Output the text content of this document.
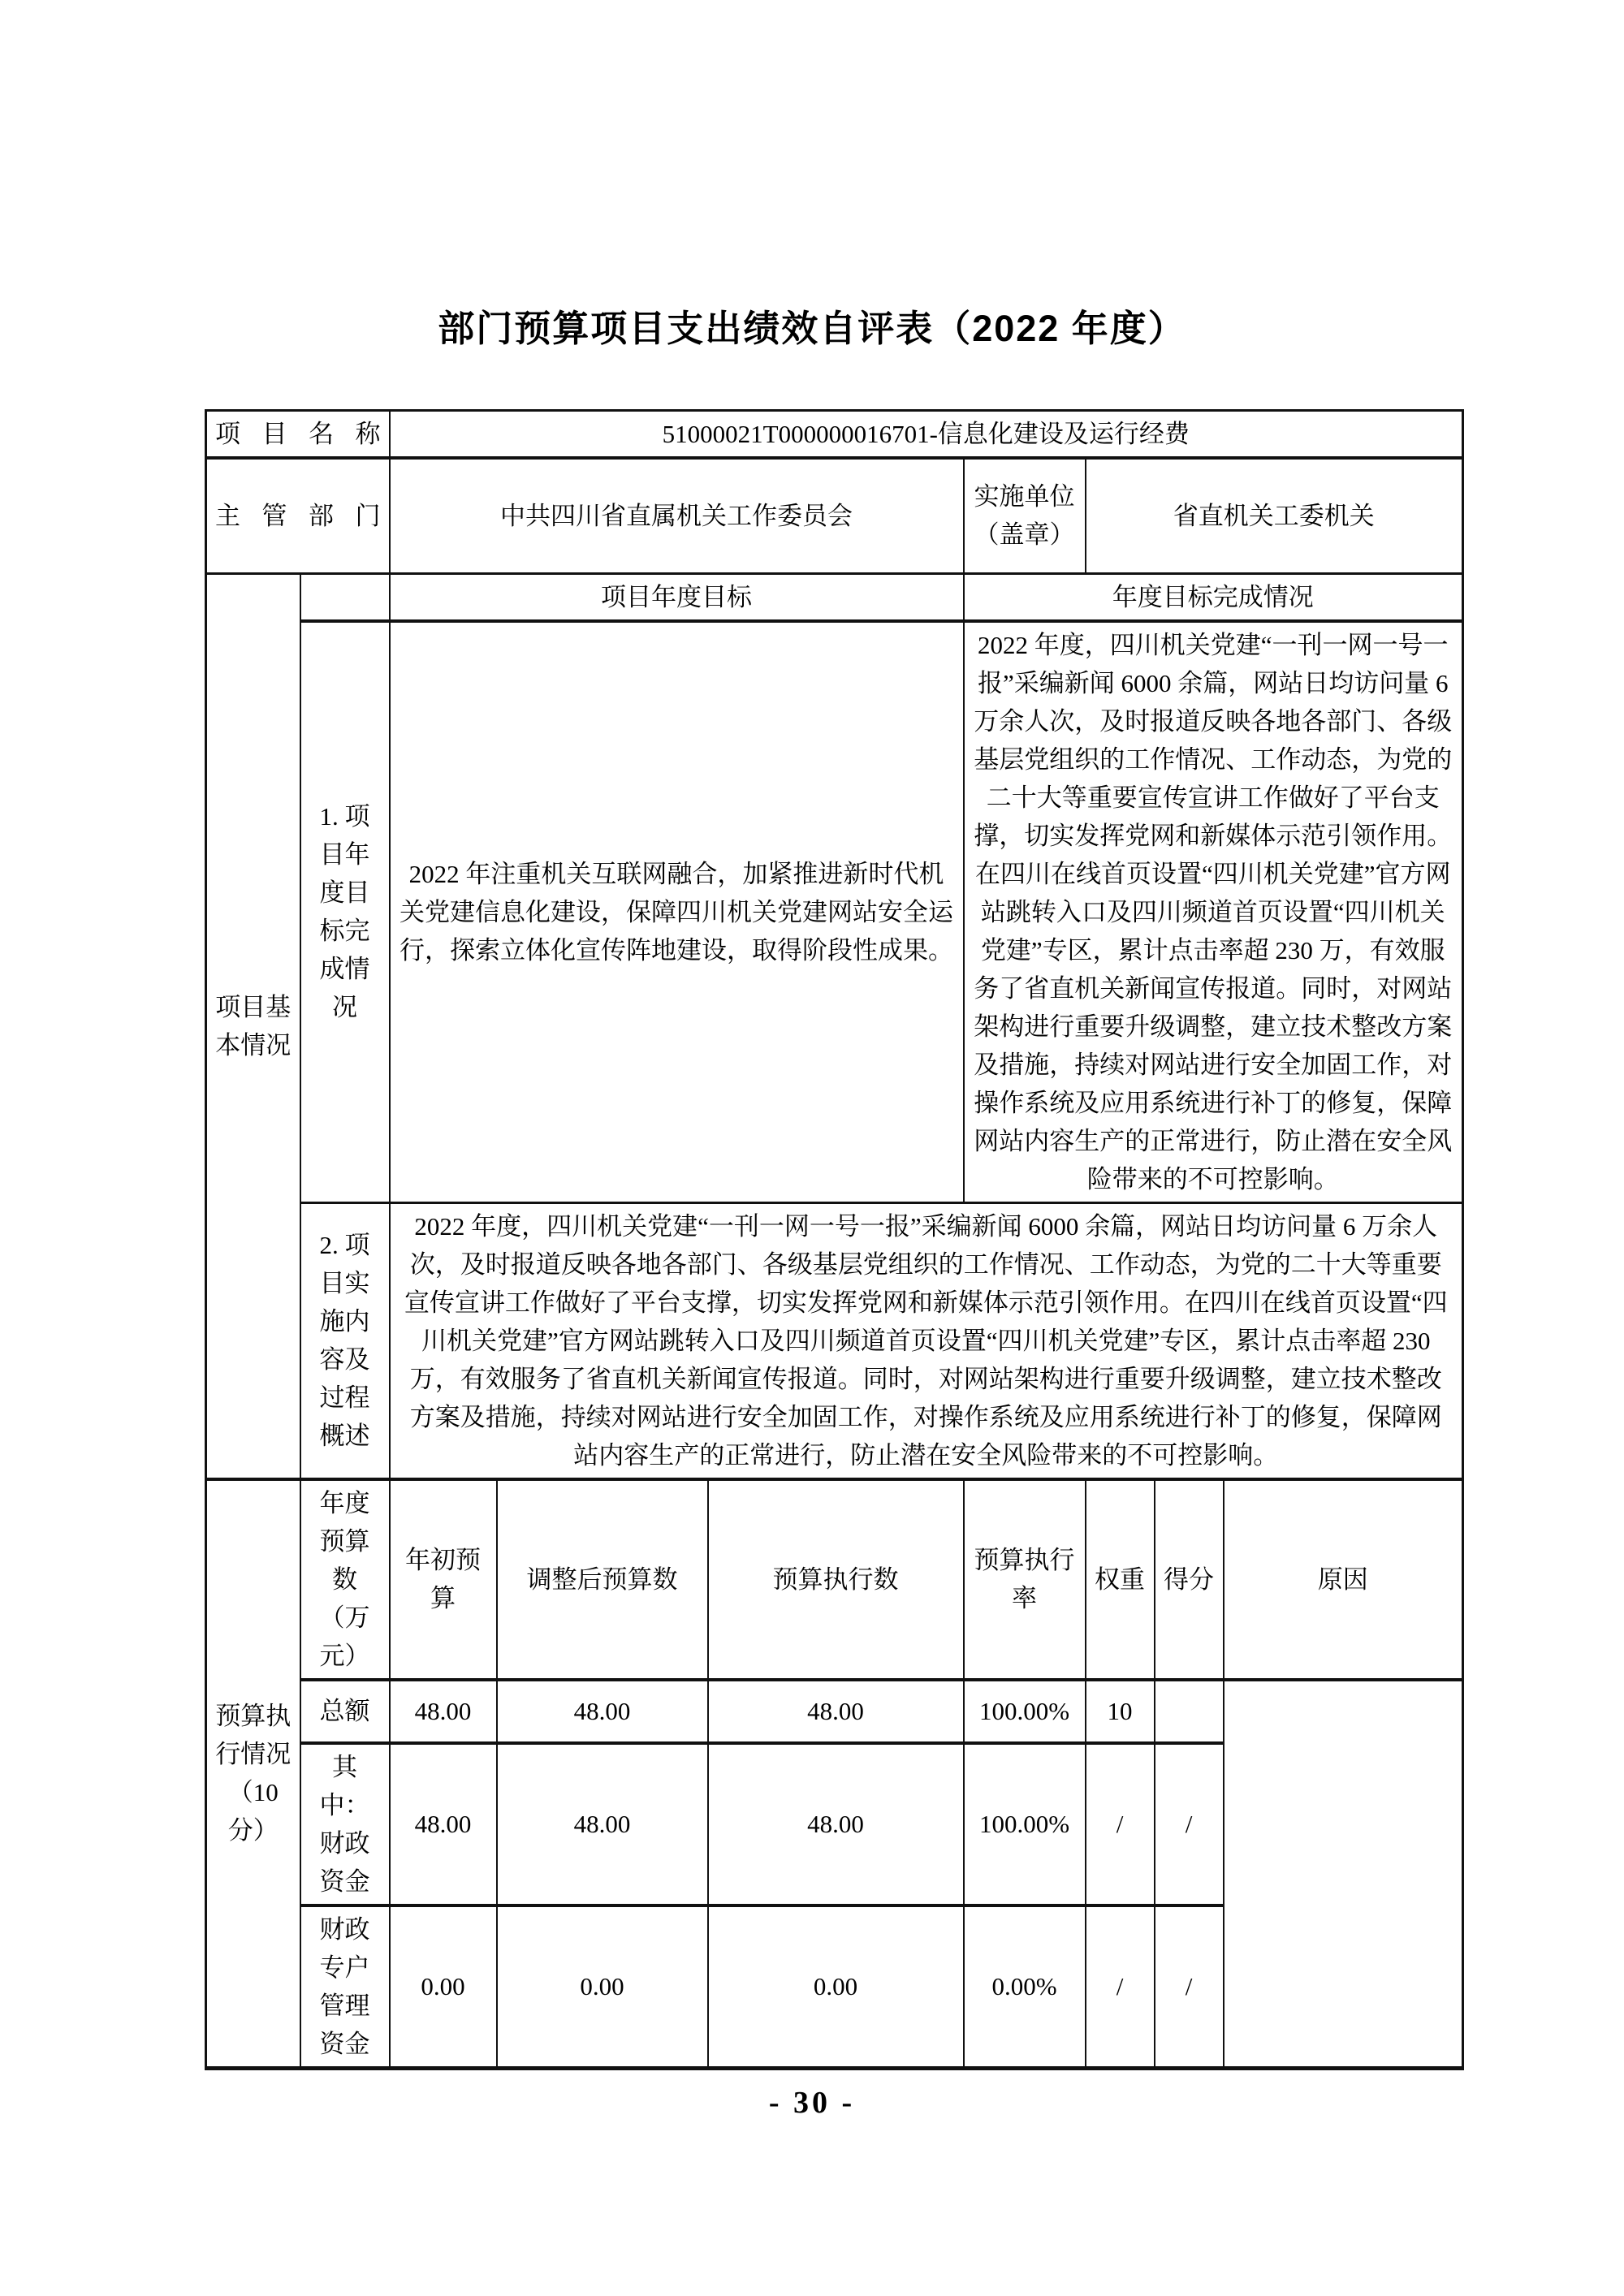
部门预算项目支出绩效自评表（2022 年度）
项目名称		51000021T000000016701-信息化建设及运行经费						
主管部门		中共四川省直属机关工作委员会			实施单位（盖章）	省直机关工委机关		
项目基本情况		项目年度目标			年度目标完成情况			
	1. 项目年度目标完成情况	2022 年注重机关互联网融合，加紧推进新时代机关党建信息化建设，保障四川机关党建网站安全运行，探索立体化宣传阵地建设，取得阶段性成果。			2022 年度，四川机关党建“一刊一网一号一报”采编新闻 6000 余篇，网站日均访问量 6 万余人次，及时报道反映各地各部门、各级基层党组织的工作情况、工作动态，为党的二十大等重要宣传宣讲工作做好了平台支撑，切实发挥党网和新媒体示范引领作用。在四川在线首页设置“四川机关党建”官方网站跳转入口及四川频道首页设置“四川机关党建”专区，累计点击率超 230 万，有效服务了省直机关新闻宣传报道。同时，对网站架构进行重要升级调整，建立技术整改方案及措施，持续对网站进行安全加固工作，对操作系统及应用系统进行补丁的修复，保障网站内容生产的正常进行，防止潜在安全风险带来的不可控影响。			
	2. 项目实施内容及过程概述	2022 年度，四川机关党建“一刊一网一号一报”采编新闻 6000 余篇，网站日均访问量 6 万余人次，及时报道反映各地各部门、各级基层党组织的工作情况、工作动态，为党的二十大等重要宣传宣讲工作做好了平台支撑，切实发挥党网和新媒体示范引领作用。在四川在线首页设置“四川机关党建”官方网站跳转入口及四川频道首页设置“四川机关党建”专区，累计点击率超 230 万，有效服务了省直机关新闻宣传报道。同时，对网站架构进行重要升级调整，建立技术整改方案及措施，持续对网站进行安全加固工作，对操作系统及应用系统进行补丁的修复，保障网站内容生产的正常进行，防止潜在安全风险带来的不可控影响。						
预算执行情况（10 分）	年度预算数（万元）	年初预算	调整后预算数	预算执行数	预算执行率	权重	得分	原因
	总额	48.00	48.00	48.00	100.00%	10		
	其中：财政资金	48.00	48.00	48.00	100.00%	/	/	
	财政专户管理资金	0.00	0.00	0.00	0.00%	/	/	
- 30 -
